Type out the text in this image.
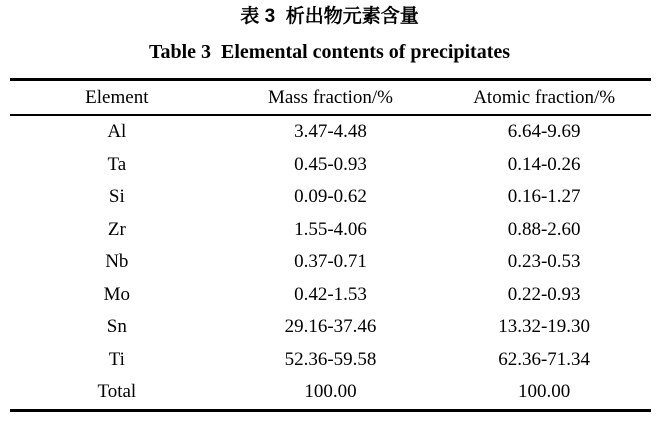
表 3  析出物元素含量
Table 3  Elemental contents of precipitates
Element	Mass fraction/%	Atomic fraction/%
Al	3.47-4.48	6.64-9.69
Ta	0.45-0.93	0.14-0.26
Si	0.09-0.62	0.16-1.27
Zr	1.55-4.06	0.88-2.60
Nb	0.37-0.71	0.23-0.53
Mo	0.42-1.53	0.22-0.93
Sn	29.16-37.46	13.32-19.30
Ti	52.36-59.58	62.36-71.34
Total	100.00	100.00
